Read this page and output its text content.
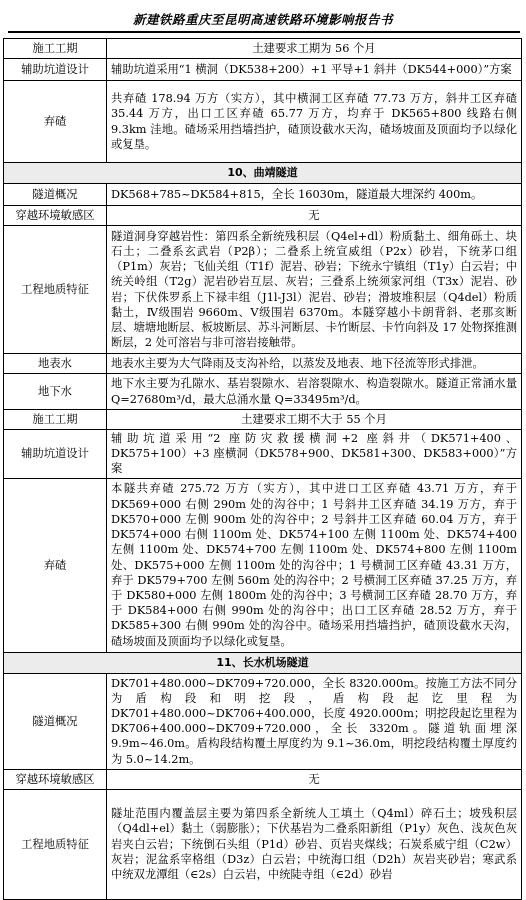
新建铁路重庆至昆明高速铁路环境影响报告书
施工工期	土建要求工期为 56 个月
辅助坑道设计	辅助坑道采用“1 横洞（DK538+200）+1 平导+1 斜井（DK544+000）”方案
弃碴	共弃碴 178.94 万方（实方），其中横洞工区弃碴 77.73 万方，斜井工区弃碴 35.44 万方，出口工区弃碴 65.77 万方，均弃于 DK565+800 线路右侧 9.3km 洼地。碴场采用挡墙挡护，碴顶设截水天沟，碴场坡面及顶面均予以绿化或复垦。
10、曲靖隧道	
隧道概况	DK568+785~DK584+815，全长 16030m，隧道最大埋深约 400m。
穿越环境敏感区	无
工程地质特征	隧道洞身穿越岩性：第四系全新统残积层（Q4el+dl）粉质黏土、细角砾土、块石土；二叠系玄武岩（P2β）；二叠系上统宣威组（P2x）砂岩，下统茅口组（P1m）灰岩；飞仙关组（T1f）泥岩、砂岩；下统永宁镇组（T1y）白云岩；中统关岭组（T2g）泥岩砂岩互层、灰岩；三叠系上统须家河组（T3x）泥岩、砂岩；下伏侏罗系上下禄丰组（J1l-J3l）泥岩、砂岩；滑坡堆积层（Q4del）粉质黏土，Ⅳ级围岩 9660m、Ⅴ级围岩 6370m。本隧穿越小卡朗背斜、老那亥断层、塘塘地断层、板坡断层、苏斗河断层、卡竹断层、卡竹向斜及 17 处物探推测断层，2 处可溶岩与非可溶岩接触带。
地表水	地表水主要为大气降雨及支沟补给，以蒸发及地表、地下径流等形式排泄。
地下水	地下水主要为孔隙水、基岩裂隙水、岩溶裂隙水、构造裂隙水。隧道正常涌水量 Q=27680m³/d，最大总涌水量 Q=33495m³/d。
施工工期	土建要求工期不大于 55 个月
辅助坑道设计	辅助坑道采用“2 座防灾救援横洞+2 座斜井（DK571+400、DK575+100）+3 座横洞（DK578+900、DK581+300、DK583+000）”方案
弃碴	本隧共弃碴 275.72 万方（实方），其中进口工区弃碴 43.71 万方，弃于 DK569+000 右侧 290m 处的沟谷中；1 号斜井工区弃碴 34.19 万方，弃于 DK570+000 左侧 900m 处的沟谷中；2 号斜井工区弃碴 60.04 万方，弃于 DK574+000 右侧 1100m 处、DK574+100 左侧 1100m 处、DK574+400 左侧 1100m 处、DK574+700 左侧 1100m 处、DK574+800 左侧 1100m 处、DK575+000 左侧 1100m 处的沟谷中；1 号横洞工区弃碴 43.31 万方，弃于 DK579+700 左侧 560m 处的沟谷中；2 号横洞工区弃碴 37.25 万方，弃于 DK580+000 左侧 1800m 处的沟谷中；3 号横洞工区弃碴 28.70 万方，弃于 DK584+000 右侧 990m 处的沟谷中；出口工区弃碴 28.52 万方，弃于 DK585+300 右侧 990m 处的沟谷中。碴场采用挡墙挡护，碴顶设截水天沟，碴场坡面及顶面均予以绿化或复垦。
11、长水机场隧道	
隧道概况	DK701+480.000~DK709+720.000，全长 8320.000m。按施工方法不同分为盾构段和明挖段，盾构段起讫里程为 DK701+480.000~DK706+400.000，长度 4920.000m；明挖段起讫里程为 DK706+400.000~DK709+720.000，全长 3320m。隧道轨面埋深 9.9m~46.0m。盾构段结构覆土厚度约为 9.1~36.0m，明挖段结构覆土厚度约为 5.0~14.2m。
穿越环境敏感区	无
工程地质特征	隧址范围内覆盖层主要为第四系全新统人工填土（Q4ml）碎石土；坡残积层（Q4dl+el）黏土（弱膨胀）；下伏基岩为二叠系阳新组（P1y）灰色、浅灰色灰岩夹白云岩；下统倒石头组（P1d）砂岩、页岩夹煤线；石炭系威宁组（C2w）灰岩；泥盆系宰格组（D3z）白云岩；中统海口组（D2h）灰岩夹砂岩；寒武系中统双龙潭组（∈2s）白云岩，中统陡寺组（∈2d）砂岩
